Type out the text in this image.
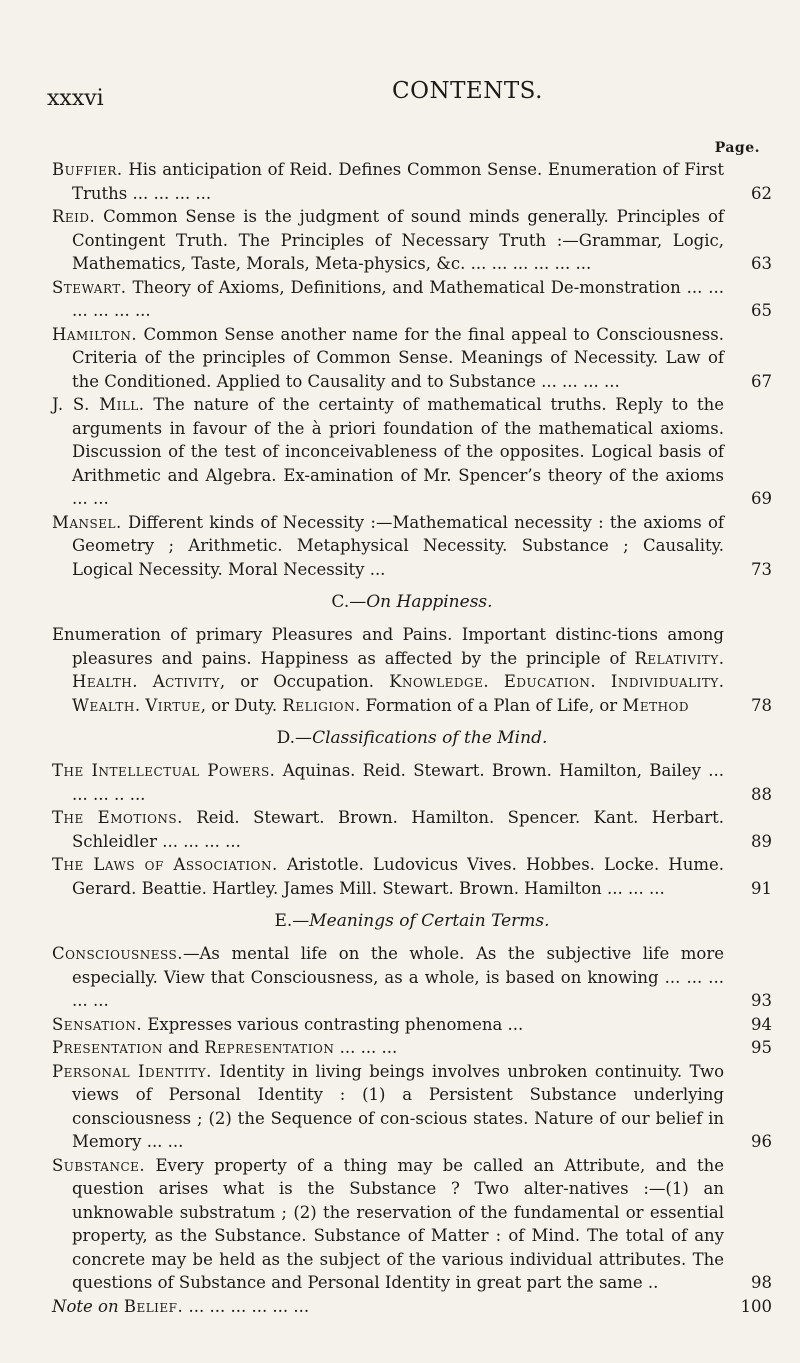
xxxvi	CONTENTS.
Page.

Buffier. His anticipation of Reid. Defines Common Sense. Enumeration of First Truths ... ... ... ...	62

Reid. Common Sense is the judgment of sound minds generally. Principles of Contingent Truth. The Principles of Necessary Truth :—Grammar, Logic, Mathematics, Taste, Morals, Meta-physics, &c. ... ... ... ... ... ...	63

Stewart. Theory of Axioms, Definitions, and Mathematical De-monstration ... ... ... ... ... ...	65

Hamilton. Common Sense another name for the final appeal to Consciousness. Criteria of the principles of Common Sense. Meanings of Necessity. Law of the Conditioned. Applied to Causality and to Substance ... ... ... ...	67

J. S. Mill. The nature of the certainty of mathematical truths. Reply to the arguments in favour of the à priori foundation of the mathematical axioms. Discussion of the test of inconceivableness of the opposites. Logical basis of Arithmetic and Algebra. Ex-amination of Mr. Spencer’s theory of the axioms ... ...	69

Mansel. Different kinds of Necessity :—Mathematical necessity : the axioms of Geometry ; Arithmetic. Metaphysical Necessity. Substance ; Causality. Logical Necessity. Moral Necessity ...	73
C.—On Happiness.

Enumeration of primary Pleasures and Pains. Important distinc-tions among pleasures and pains. Happiness as affected by the principle of Relativity. Health. Activity, or Occupation. Knowledge. Education. Individuality. Wealth. Virtue, or Duty. Religion. Formation of a Plan of Life, or Method	78
D.—Classifications of the Mind.

The Intellectual Powers. Aquinas. Reid. Stewart. Brown. Hamilton, Bailey ... ... ... .. ...	88

The Emotions. Reid. Stewart. Brown. Hamilton. Spencer. Kant. Herbart. Schleidler ... ... ... ...	89

The Laws of Association. Aristotle. Ludovicus Vives. Hobbes. Locke. Hume. Gerard. Beattie. Hartley. James Mill. Stewart. Brown. Hamilton ... ... ...	91
E.—Meanings of Certain Terms.

Consciousness.—As mental life on the whole. As the subjective life more especially. View that Consciousness, as a whole, is based on knowing ... ... ... ... ...	93

Sensation. Expresses various contrasting phenomena ...	94

Presentation and Representation ... ... ...	95

Personal Identity. Identity in living beings involves unbroken continuity. Two views of Personal Identity : (1) a Persistent Substance underlying consciousness ; (2) the Sequence of con-scious states. Nature of our belief in Memory ... ...	96

Substance. Every property of a thing may be called an Attribute, and the question arises what is the Substance ? Two alter-natives :—(1) an unknowable substratum ; (2) the reservation of the fundamental or essential property, as the Substance. Substance of Matter : of Mind. The total of any concrete may be held as the subject of the various individual attributes. The questions of Substance and Personal Identity in great part the same ..	98

Note on Belief. ... ... ... ... ... ...	100
